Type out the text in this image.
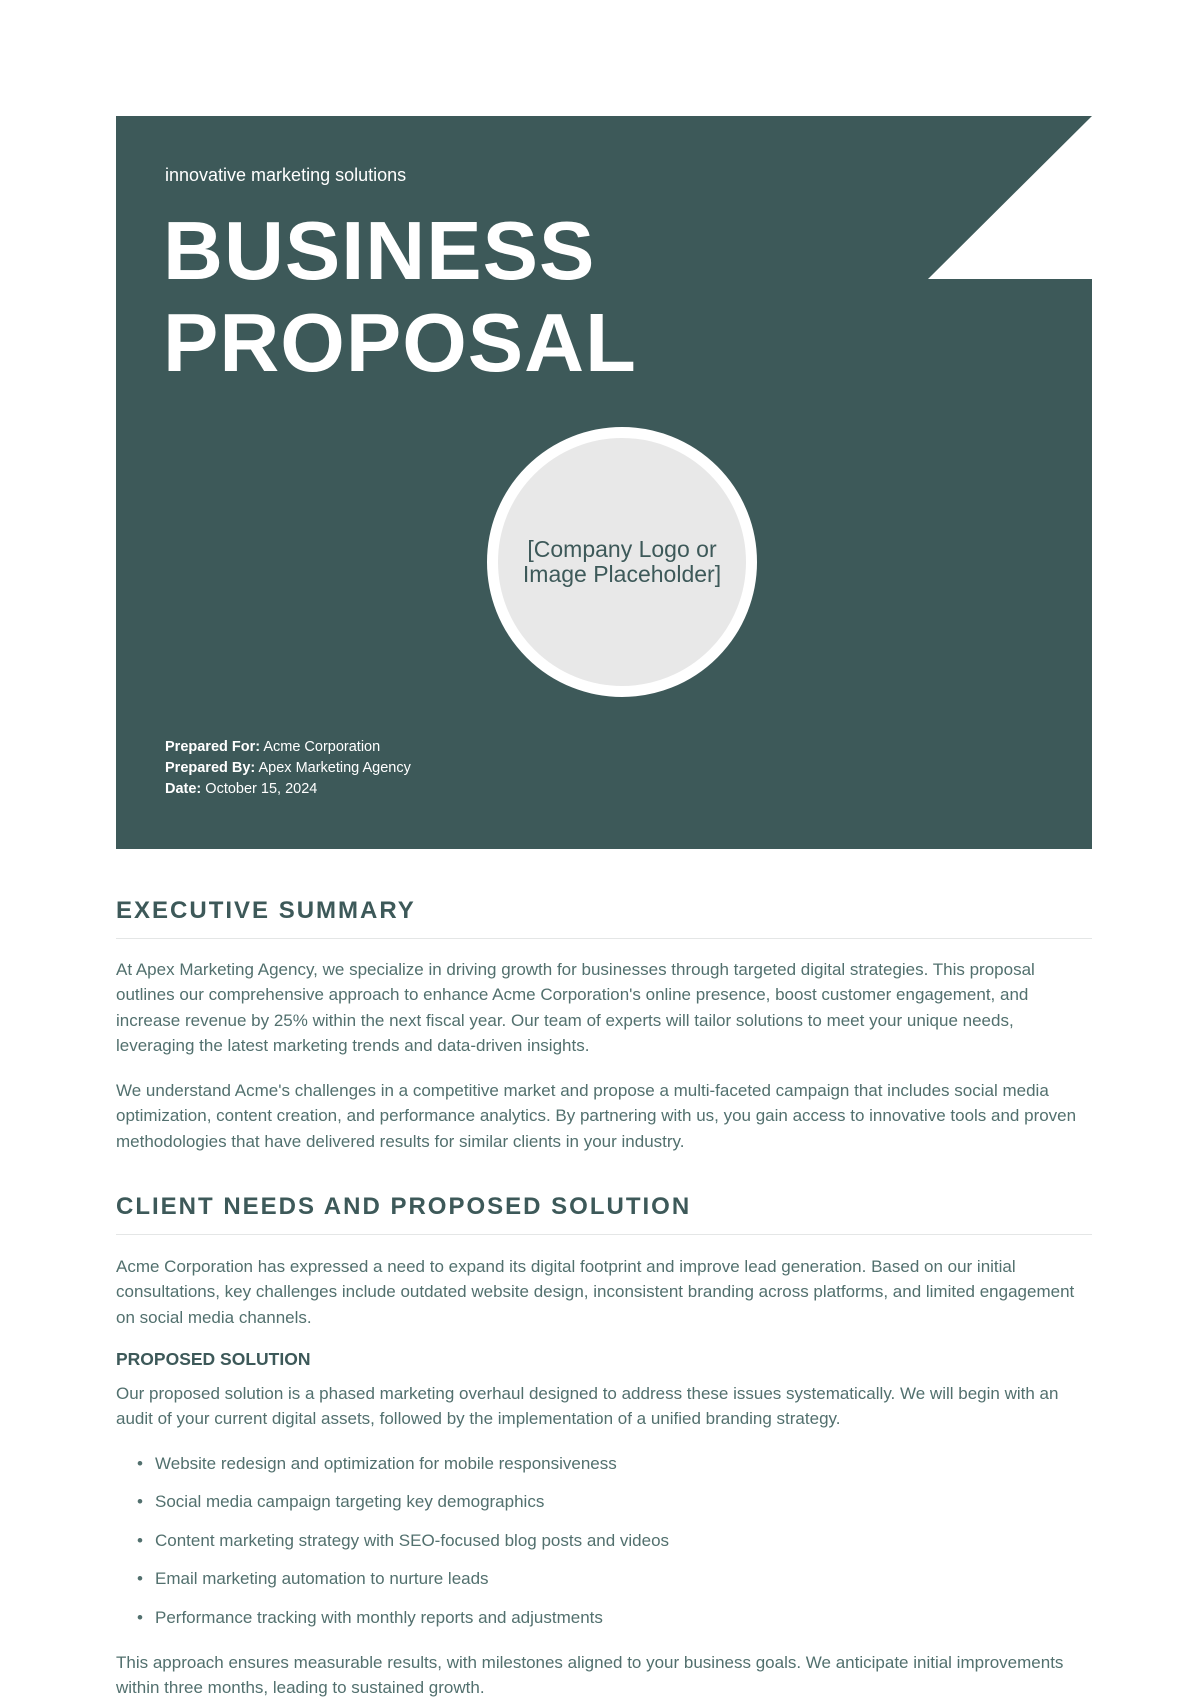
innovative marketing solutions
BUSINESS
PROPOSAL
[Company Logo or Image Placeholder]
Prepared For: Acme Corporation
Prepared By: Apex Marketing Agency
Date: October 15, 2024
EXECUTIVE SUMMARY
At Apex Marketing Agency, we specialize in driving growth for businesses through targeted digital strategies. This proposal outlines our comprehensive approach to enhance Acme Corporation's online presence, boost customer engagement, and increase revenue by 25% within the next fiscal year. Our team of experts will tailor solutions to meet your unique needs, leveraging the latest marketing trends and data-driven insights.
We understand Acme's challenges in a competitive market and propose a multi-faceted campaign that includes social media optimization, content creation, and performance analytics. By partnering with us, you gain access to innovative tools and proven methodologies that have delivered results for similar clients in your industry.
CLIENT NEEDS AND PROPOSED SOLUTION
Acme Corporation has expressed a need to expand its digital footprint and improve lead generation. Based on our initial consultations, key challenges include outdated website design, inconsistent branding across platforms, and limited engagement on social media channels.
PROPOSED SOLUTION
Our proposed solution is a phased marketing overhaul designed to address these issues systematically. We will begin with an audit of your current digital assets, followed by the implementation of a unified branding strategy.
• Website redesign and optimization for mobile responsiveness
• Social media campaign targeting key demographics
• Content marketing strategy with SEO-focused blog posts and videos
• Email marketing automation to nurture leads
• Performance tracking with monthly reports and adjustments
This approach ensures measurable results, with milestones aligned to your business goals. We anticipate initial improvements within three months, leading to sustained growth.
